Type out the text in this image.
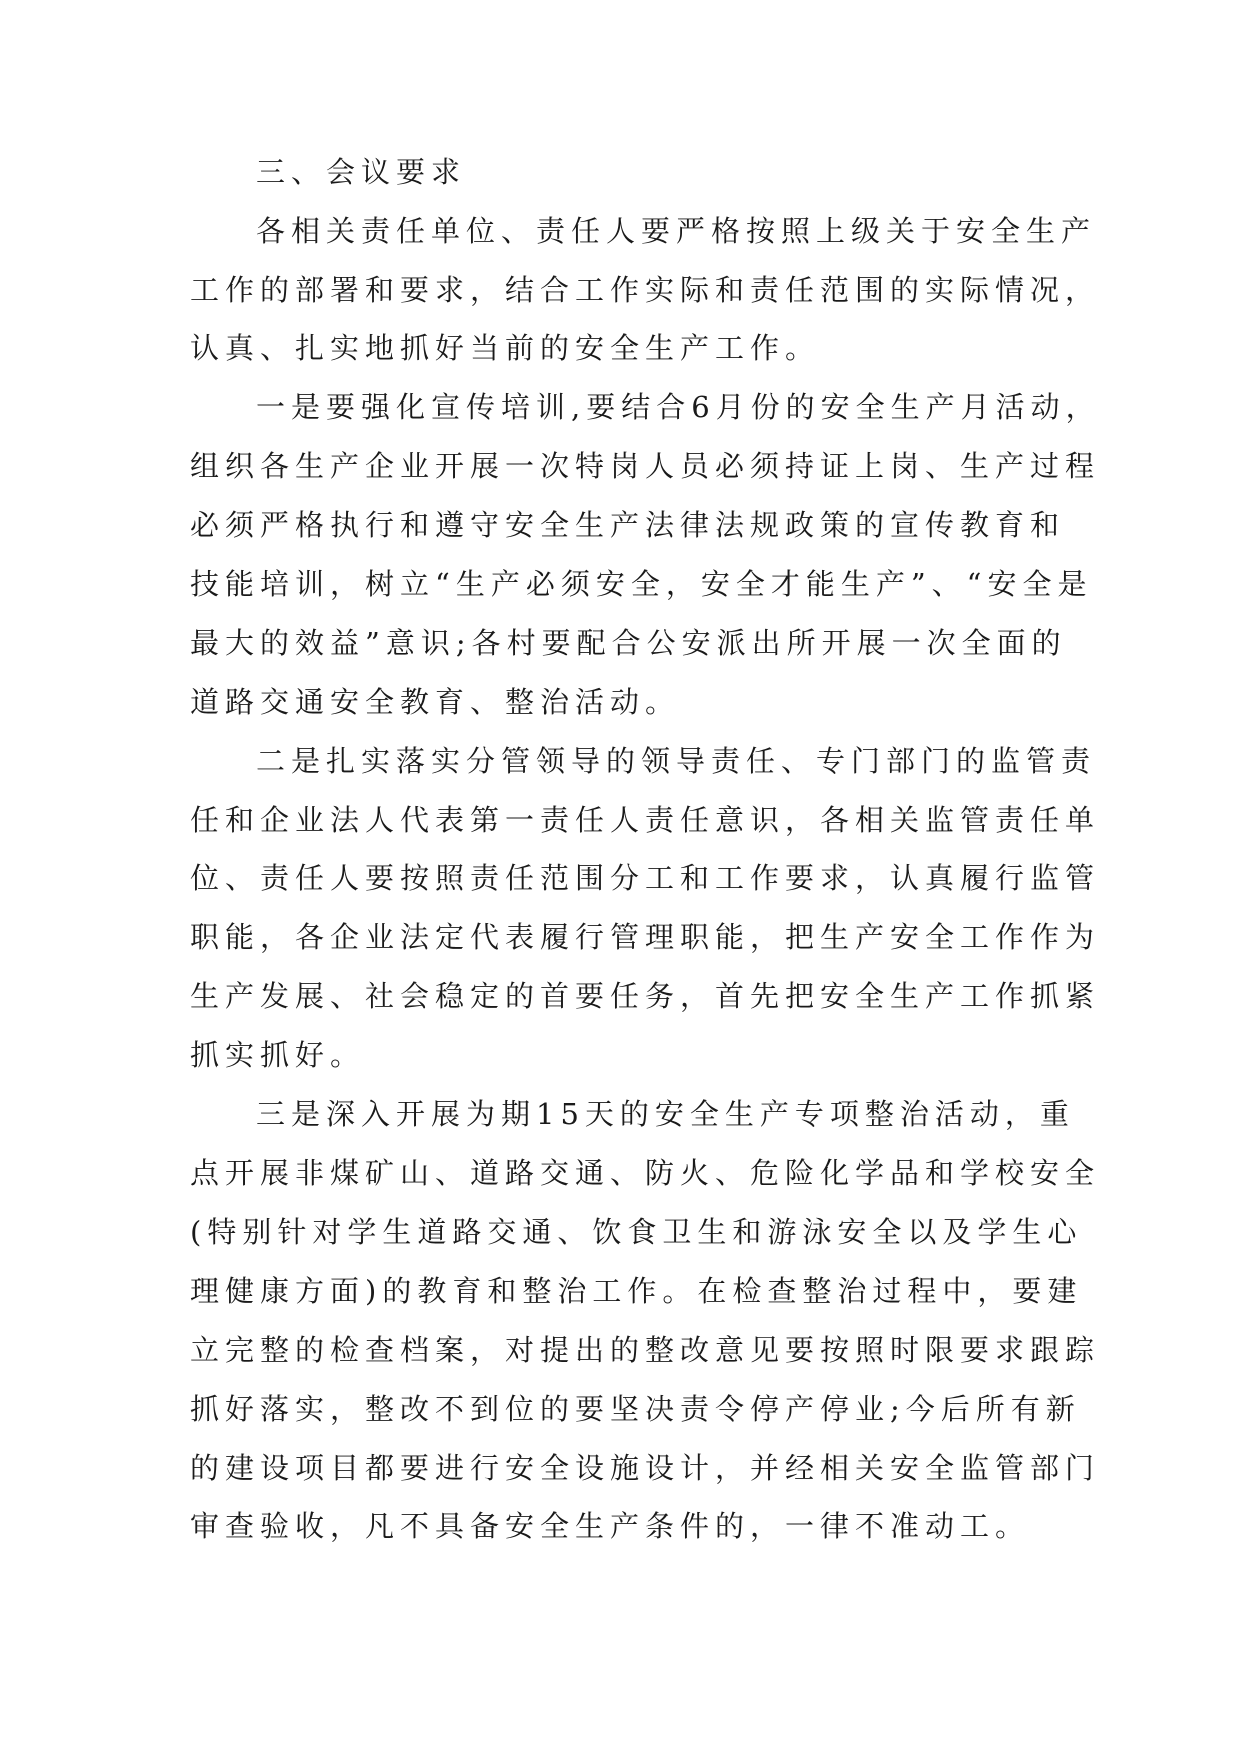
三、会议要求

各相关责任单位、责任人要严格按照上级关于安全生产

工作的部署和要求，结合工作实际和责任范围的实际情况，

认真、扎实地抓好当前的安全生产工作。

一是要强化宣传培训,要结合6月份的安全生产月活动，

组织各生产企业开展一次特岗人员必须持证上岗、生产过程

必须严格执行和遵守安全生产法律法规政策的宣传教育和

技能培训，树立“生产必须安全，安全才能生产”、“安全是

最大的效益”意识;各村要配合公安派出所开展一次全面的

道路交通安全教育、整治活动。

二是扎实落实分管领导的领导责任、专门部门的监管责

任和企业法人代表第一责任人责任意识，各相关监管责任单

位、责任人要按照责任范围分工和工作要求，认真履行监管

职能，各企业法定代表履行管理职能，把生产安全工作作为

生产发展、社会稳定的首要任务，首先把安全生产工作抓紧

抓实抓好。

三是深入开展为期15天的安全生产专项整治活动，重

点开展非煤矿山、道路交通、防火、危险化学品和学校安全

(特别针对学生道路交通、饮食卫生和游泳安全以及学生心

理健康方面)的教育和整治工作。在检查整治过程中，要建

立完整的检查档案，对提出的整改意见要按照时限要求跟踪

抓好落实，整改不到位的要坚决责令停产停业;今后所有新

的建设项目都要进行安全设施设计，并经相关安全监管部门

审查验收，凡不具备安全生产条件的，一律不准动工。
